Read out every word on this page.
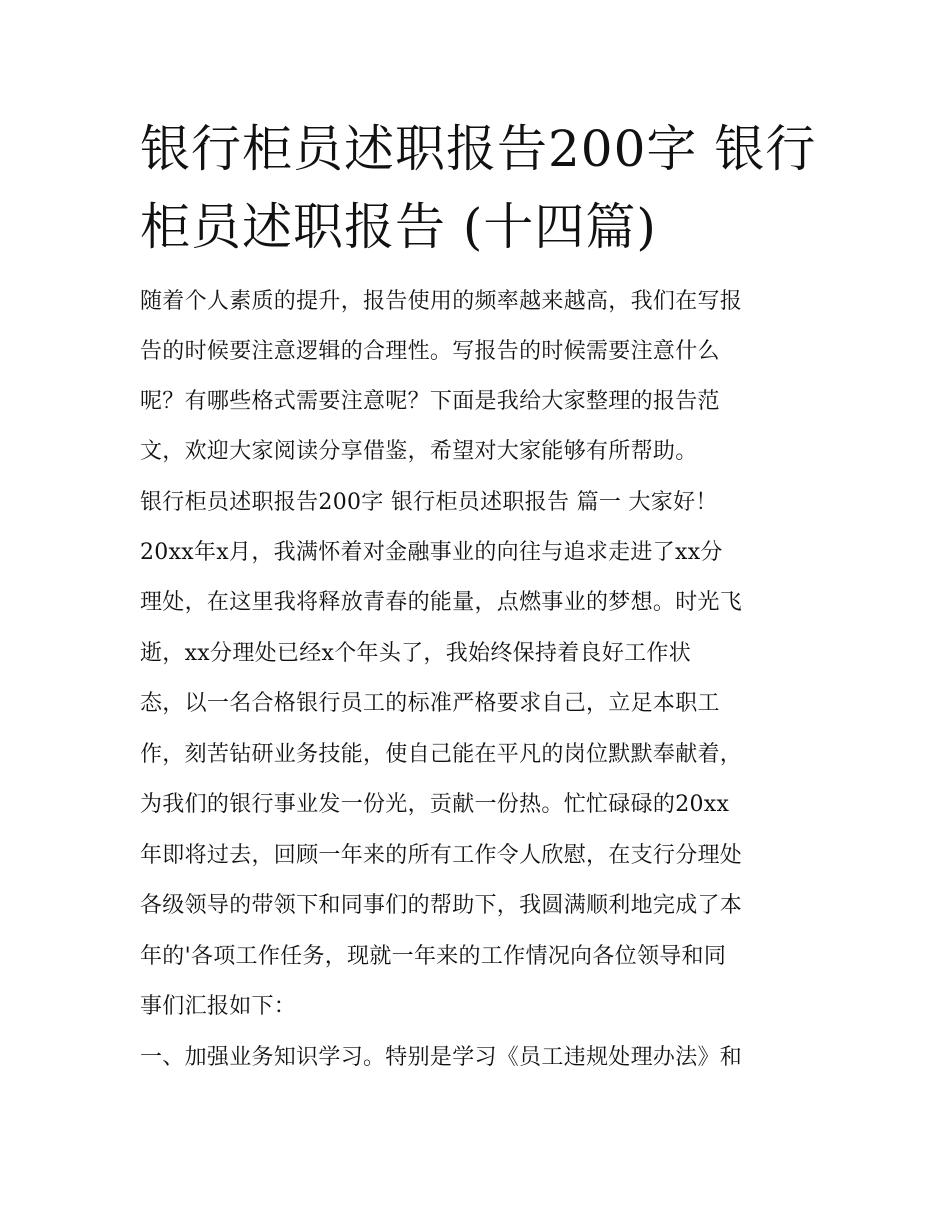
银行柜员述职报告200字 银行
柜员述职报告 (十四篇)

随着个人素质的提升，报告使用的频率越来越高，我们在写报

告的时候要注意逻辑的合理性。写报告的时候需要注意什么

呢？有哪些格式需要注意呢？下面是我给大家整理的报告范

文，欢迎大家阅读分享借鉴，希望对大家能够有所帮助。

银行柜员述职报告200字 银行柜员述职报告 篇一 大家好！

20xx年x月，我满怀着对金融事业的向往与追求走进了xx分

理处，在这里我将释放青春的能量，点燃事业的梦想。时光飞

逝，xx分理处已经x个年头了，我始终保持着良好工作状

态，以一名合格银行员工的标准严格要求自己，立足本职工

作，刻苦钻研业务技能，使自己能在平凡的岗位默默奉献着，

为我们的银行事业发一份光，贡献一份热。忙忙碌碌的20xx

年即将过去，回顾一年来的所有工作令人欣慰，在支行分理处

各级领导的带领下和同事们的帮助下，我圆满顺利地完成了本

年的'各项工作任务，现就一年来的工作情况向各位领导和同

事们汇报如下：

一、加强业务知识学习。特别是学习《员工违规处理办法》和
